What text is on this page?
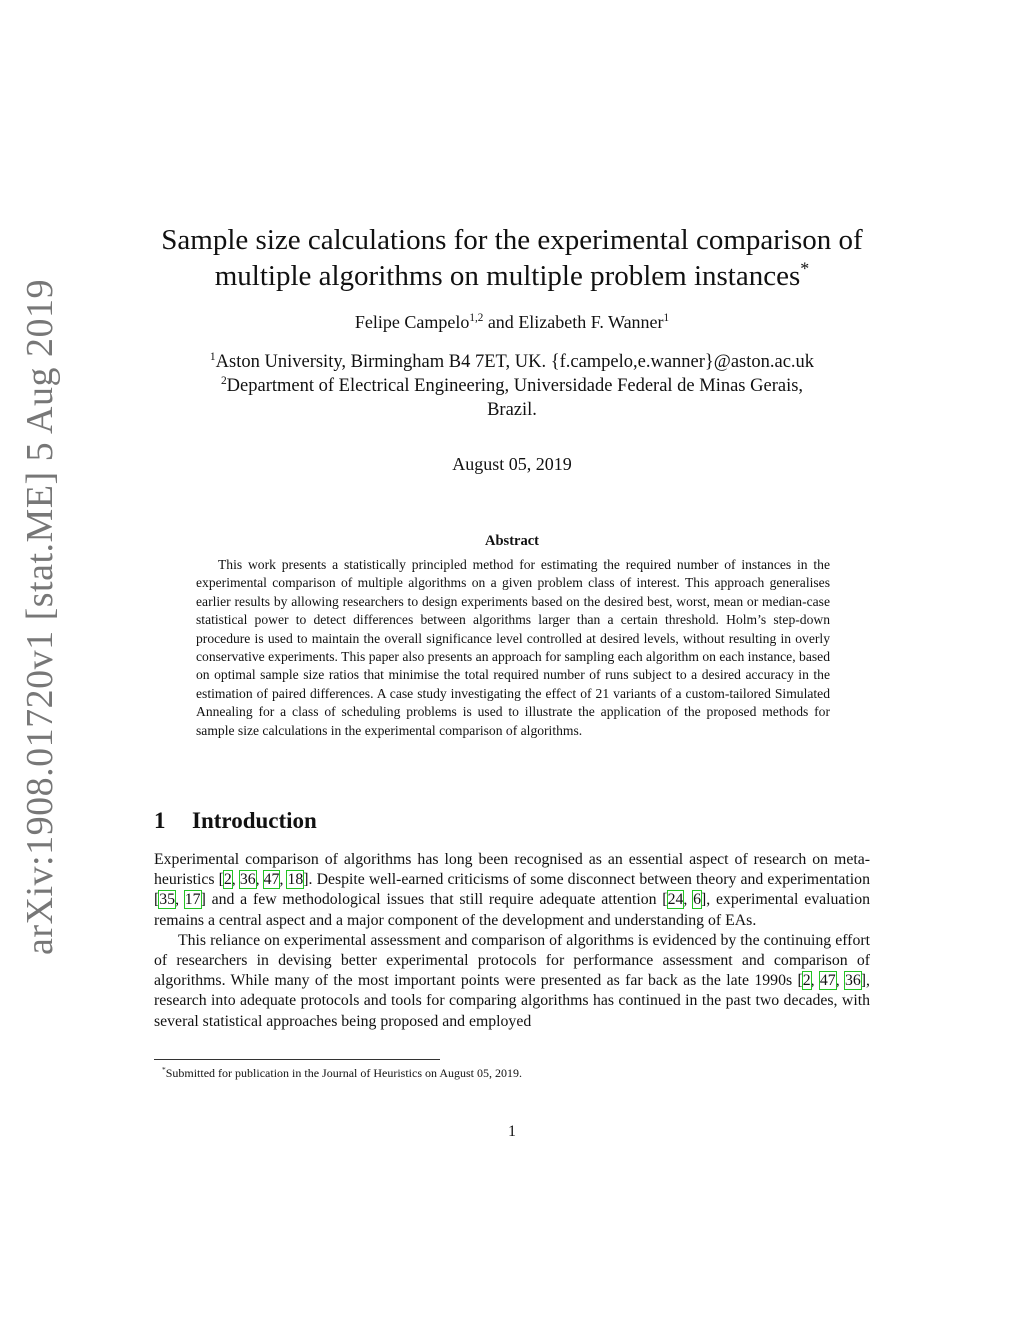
arXiv:1908.01720v1 [stat.ME] 5 Aug 2019
Sample size calculations for the experimental comparison of
multiple algorithms on multiple problem instances*
Felipe Campelo$^{1,2}$ and Elizabeth F. Wanner$^1$
$^1$Aston University, Birmingham B4 7ET, UK. {f.campelo,e.wanner}@aston.ac.uk
$^2$Department of Electrical Engineering, Universidade Federal de Minas Gerais,
Brazil.
August 05, 2019
Abstract

This work presents a statistically principled method for estimating the required number of instances in the experimental comparison of multiple algorithms on a given problem class of interest. This approach generalises earlier results by allowing researchers to design experiments based on the desired best, worst, mean or median-case statistical power to detect differences between algorithms larger than a certain threshold. Holm’s step-down procedure is used to maintain the overall significance level controlled at desired levels, without resulting in overly conservative experiments. This paper also presents an approach for sampling each algorithm on each instance, based on optimal sample size ratios that minimise the total required number of runs subject to a desired accuracy in the estimation of paired differences. A case study investigating the effect of 21 variants of a custom-tailored Simulated Annealing for a class of scheduling problems is used to illustrate the application of the proposed methods for sample size calculations in the experimental comparison of algorithms.

1 Introduction

Experimental comparison of algorithms has long been recognised as an essential aspect of research on meta-heuristics [2, 36, 47, 18]. Despite well-earned criticisms of some disconnect between theory and experimentation [35, 17] and a few methodological issues that still require adequate attention [24, 6], experimental evaluation remains a central aspect and a major component of the development and understanding of EAs.

This reliance on experimental assessment and comparison of algorithms is evidenced by the continuing effort of researchers in devising better experimental protocols for performance assessment and comparison of algorithms. While many of the most important points were presented as far back as the late 1990s [2, 47, 36], research into adequate protocols and tools for comparing algorithms has continued in the past two decades, with several statistical approaches being proposed and employed

*Submitted for publication in the Journal of Heuristics on August 05, 2019.
1
